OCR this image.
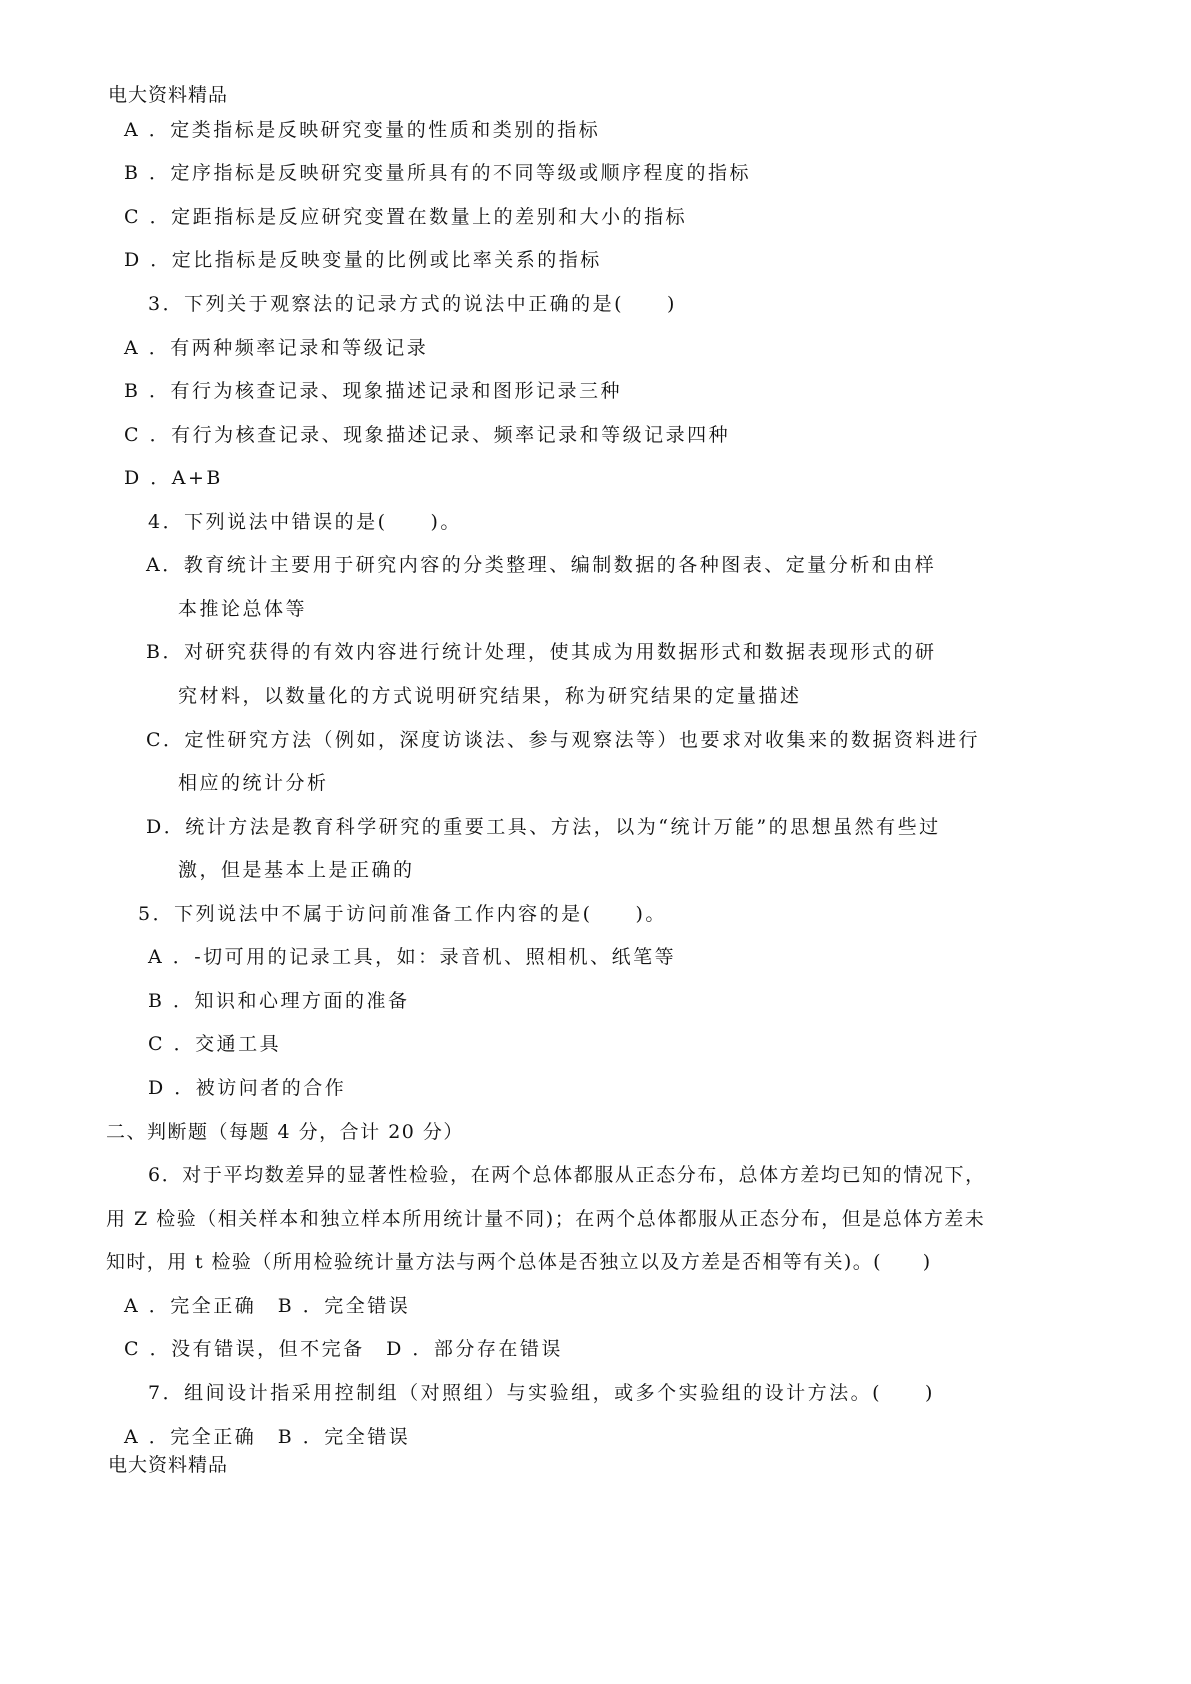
电大资料精品

A ．定类指标是反映研究变量的性质和类别的指标

B ．定序指标是反映研究变量所具有的不同等级或顺序程度的指标

C ．定距指标是反应研究变置在数量上的差别和大小的指标

D ．定比指标是反映变量的比例或比率关系的指标

3．下列关于观察法的记录方式的说法中正确的是(　　)

A ．有两种频率记录和等级记录

B ．有行为核查记录、现象描述记录和图形记录三种

C ．有行为核查记录、现象描述记录、频率记录和等级记录四种

D ．A+B

4．下列说法中错误的是(　　)。

A．教育统计主要用于研究内容的分类整理、编制数据的各种图表、定量分析和由样

本推论总体等

B．对研究获得的有效内容进行统计处理，使其成为用数据形式和数据表现形式的研

究材料，以数量化的方式说明研究结果，称为研究结果的定量描述

C．定性研究方法（例如，深度访谈法、参与观察法等）也要求对收集来的数据资料进行

相应的统计分析

D．统计方法是教育科学研究的重要工具、方法，以为“统计万能”的思想虽然有些过

激，但是基本上是正确的

5．下列说法中不属于访问前准备工作内容的是(　　)。

A ．-切可用的记录工具，如：录音机、照相机、纸笔等

B ．知识和心理方面的准备

C ．交通工具

D ．被访问者的合作

二、判断题（每题 4 分，合计 20 分）

6．对于平均数差异的显著性检验，在两个总体都服从正态分布，总体方差均已知的情况下，

用 Z 检验（相关样本和独立样本所用统计量不同)；在两个总体都服从正态分布，但是总体方差未

知时，用 t 检验（所用检验统计量方法与两个总体是否独立以及方差是否相等有关)。(　　)

A ．完全正确　B ．完全错误

C ．没有错误，但不完备　D ．部分存在错误

7．组间设计指采用控制组（对照组）与实验组，或多个实验组的设计方法。(　　)

A ．完全正确　B ．完全错误

电大资料精品
